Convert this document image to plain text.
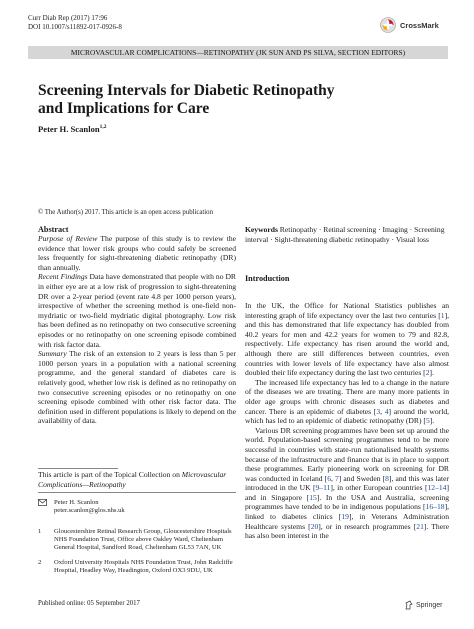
Curr Diab Rep (2017) 17:96
DOI 10.1007/s11892-017-0926-8	CrossMark
MICROVASCULAR COMPLICATIONS—RETINOPATHY (JK SUN AND PS SILVA, SECTION EDITORS)
Screening Intervals for Diabetic Retinopathy
and Implications for Care
Peter H. Scanlon$^{1,2}$
© The Author(s) 2017. This article is an open access publication
Abstract

Purpose of Review The purpose of this study is to review the evidence that lower risk groups who could safely be screened less frequently for sight-threatening diabetic retinopathy (DR) than annually.

Recent Findings Data have demonstrated that people with no DR in either eye are at a low risk of progression to sight-threatening DR over a 2-year period (event rate 4.8 per 1000 person years), irrespective of whether the screening method is one-field non-mydriatic or two-field mydriatic digital photography. Low risk has been defined as no retinopathy on two consecutive screening episodes or no retinopathy on one screening episode combined with risk factor data.

Summary The risk of an extension to 2 years is less than 5 per 1000 person years in a population with a national screening programme, and the general standard of diabetes care is relatively good, whether low risk is defined as no retinopathy on two consecutive screening episodes or no retinopathy on one screening episode combined with other risk factor data. The definition used in different populations is likely to depend on the availability of data.

This article is part of the Topical Collection on Microvascular Complications—Retinopathy

Peter H. Scanlon
peter.scanlon@glos.nhs.uk
1	Gloucestershire Retinal Research Group, Gloucestershire Hospitals NHS Foundation Trust, Office above Oakley Ward, Cheltenham General Hospital, Sandford Road, Cheltenham GL53 7AN, UK
2	Oxford University Hospitals NHS Foundation Trust, John Radcliffe Hospital, Headley Way, Headington, Oxford OX3 9DU, UK

Keywords Retinopathy · Retinal screening · Imaging · Screening interval · Sight-threatening diabetic retinopathy · Visual loss

Introduction

In the UK, the Office for National Statistics publishes an interesting graph of life expectancy over the last two centuries [1], and this has demonstrated that life expectancy has doubled from 40.2 years for men and 42.2 years for women to 79 and 82.8, respectively. Life expectancy has risen around the world and, although there are still differences between countries, even countries with lower levels of life expectancy have also almost doubled their life expectancy during the last two centuries [2].

The increased life expectancy has led to a change in the nature of the diseases we are treating. There are many more patients in older age groups with chronic diseases such as diabetes and cancer. There is an epidemic of diabetes [3, 4] around the world, which has led to an epidemic of diabetic retinopathy (DR) [5].

Various DR screening programmes have been set up around the world. Population-based screening programmes tend to be more successful in countries with state-run nationalised health systems because of the infrastructure and finance that is in place to support these programmes. Early pioneering work on screening for DR was conducted in Iceland [6, 7] and Sweden [8], and this was later introduced in the UK [9–11], in other European countries [12–14] and in Singapore [15]. In the USA and Australia, screening programmes have tended to be in indigenous populations [16–18], linked to diabetes clinics [19], in Veterans Administration Healthcare systems [20], or in research programmes [21]. There has also been interest in the

Published online: 05 September 2017	Springer
